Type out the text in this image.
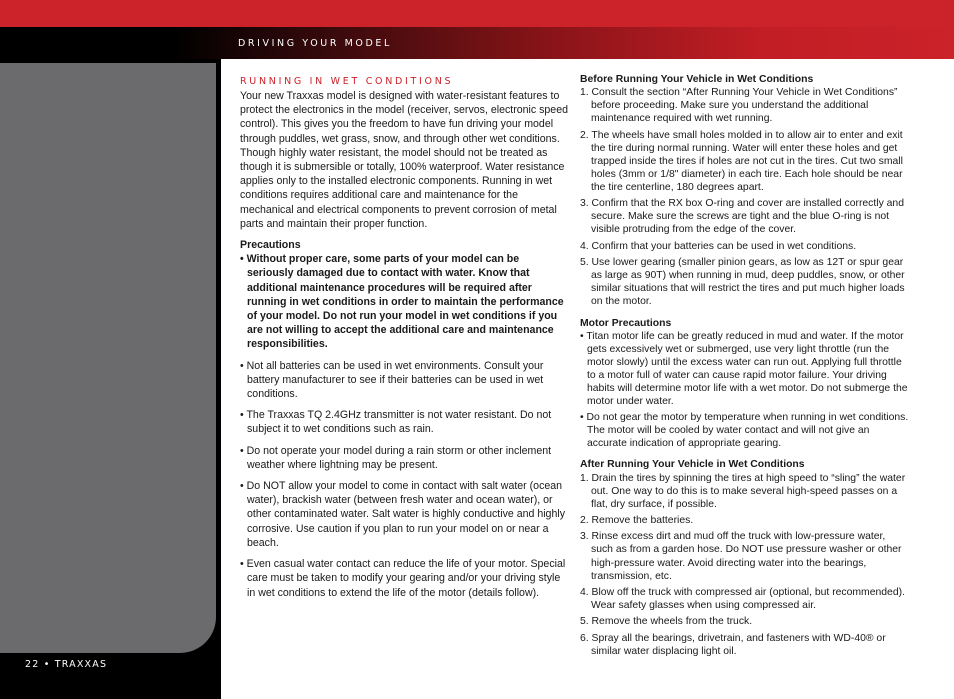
DRIVING YOUR MODEL
22 • TRAXXAS
RUNNING IN WET CONDITIONS

Your new Traxxas model is designed with water-resistant features to protect the electronics in the model (receiver, servos, electronic speed control). This gives you the freedom to have fun driving your model through puddles, wet grass, snow, and through other wet conditions. Though highly water resistant, the model should not be treated as though it is submersible or totally, 100% waterproof. Water resistance applies only to the installed electronic components. Running in wet conditions requires additional care and maintenance for the mechanical and electrical components to prevent corrosion of metal parts and maintain their proper function.

Precautions

• Without proper care, some parts of your model can be seriously damaged due to contact with water. Know that additional maintenance procedures will be required after running in wet conditions in order to maintain the performance of your model. Do not run your model in wet conditions if you are not willing to accept the additional care and maintenance responsibilities.

• Not all batteries can be used in wet environments. Consult your battery manufacturer to see if their batteries can be used in wet conditions.

• The Traxxas TQ 2.4GHz transmitter is not water resistant. Do not subject it to wet conditions such as rain.

• Do not operate your model during a rain storm or other inclement weather where lightning may be present.

• Do NOT allow your model to come in contact with salt water (ocean water), brackish water (between fresh water and ocean water), or other contaminated water. Salt water is highly conductive and highly corrosive. Use caution if you plan to run your model on or near a beach.

• Even casual water contact can reduce the life of your motor. Special care must be taken to modify your gearing and/or your driving style in wet conditions to extend the life of the motor (details follow).

Before Running Your Vehicle in Wet Conditions

1. Consult the section “After Running Your Vehicle in Wet Conditions” before proceeding. Make sure you understand the additional maintenance required with wet running.
2. The wheels have small holes molded in to allow air to enter and exit the tire during normal running. Water will enter these holes and get trapped inside the tires if holes are not cut in the tires. Cut two small holes (3mm or 1/8" diameter) in each tire. Each hole should be near the tire centerline, 180 degrees apart.
3. Confirm that the RX box O-ring and cover are installed correctly and secure. Make sure the screws are tight and the blue O-ring is not visible protruding from the edge of the cover.
4. Confirm that your batteries can be used in wet conditions.
5. Use lower gearing (smaller pinion gears, as low as 12T or spur gear as large as 90T) when running in mud, deep puddles, snow, or other similar situations that will restrict the tires and put much higher loads on the motor.

Motor Precautions

• Titan motor life can be greatly reduced in mud and water. If the motor gets excessively wet or submerged, use very light throttle (run the motor slowly) until the excess water can run out. Applying full throttle to a motor full of water can cause rapid motor failure. Your driving habits will determine motor life with a wet motor. Do not submerge the motor under water.

• Do not gear the motor by temperature when running in wet conditions. The motor will be cooled by water contact and will not give an accurate indication of appropriate gearing.

After Running Your Vehicle in Wet Conditions

1. Drain the tires by spinning the tires at high speed to “sling” the water out. One way to do this is to make several high-speed passes on a flat, dry surface, if possible.
2. Remove the batteries.
3. Rinse excess dirt and mud off the truck with low-pressure water, such as from a garden hose. Do NOT use pressure washer or other high-pressure water. Avoid directing water into the bearings, transmission, etc.
4. Blow off the truck with compressed air (optional, but recommended). Wear safety glasses when using compressed air.
5. Remove the wheels from the truck.
6. Spray all the bearings, drivetrain, and fasteners with WD-40® or similar water displacing light oil.
